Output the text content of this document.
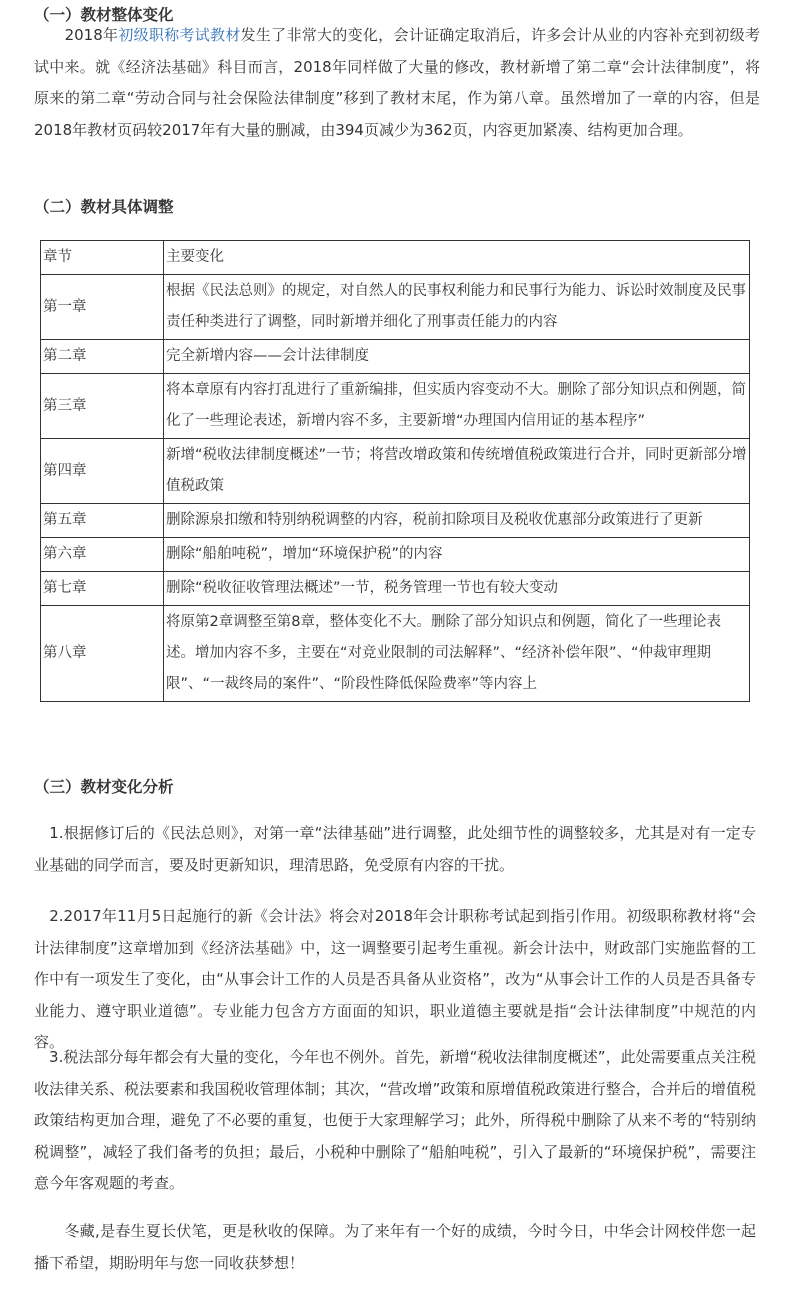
（一）教材整体变化

　　2018年初级职称考试教材发生了非常大的变化，会计证确定取消后，许多会计从业的内容补充到初级考试中来。就《经济法基础》科目而言，2018年同样做了大量的修改，教材新增了第二章“会计法律制度”，将原来的第二章“劳动合同与社会保险法律制度”移到了教材末尾，作为第八章。虽然增加了一章的内容，但是2018年教材页码较2017年有大量的删减，由394页减少为362页，内容更加紧凑、结构更加合理。

（二）教材具体调整
章节	主要变化
第一章	根据《民法总则》的规定，对自然人的民事权利能力和民事行为能力、诉讼时效制度及民事责任种类进行了调整，同时新增并细化了刑事责任能力的内容
第二章	完全新增内容——会计法律制度
第三章	将本章原有内容打乱进行了重新编排，但实质内容变动不大。删除了部分知识点和例题，简化了一些理论表述，新增内容不多，主要新增“办理国内信用证的基本程序”
第四章	新增“税收法律制度概述”一节；将营改增政策和传统增值税政策进行合并，同时更新部分增值税政策
第五章	删除源泉扣缴和特别纳税调整的内容，税前扣除项目及税收优惠部分政策进行了更新
第六章	删除“船舶吨税”，增加“环境保护税”的内容
第七章	删除“税收征收管理法概述”一节，税务管理一节也有较大变动
第八章	将原第2章调整至第8章，整体变化不大。删除了部分知识点和例题，简化了一些理论表述。增加内容不多，主要在“对竞业限制的司法解释”、“经济补偿年限”、“仲裁审理期限”、“一裁终局的案件”、“阶段性降低保险费率”等内容上
（三）教材变化分析

　1.根据修订后的《民法总则》，对第一章“法律基础”进行调整，此处细节性的调整较多，尤其是对有一定专业基础的同学而言，要及时更新知识，理清思路，免受原有内容的干扰。

　2.2017年11月5日起施行的新《会计法》将会对2018年会计职称考试起到指引作用。初级职称教材将“会计法律制度”这章增加到《经济法基础》中，这一调整要引起考生重视。新会计法中，财政部门实施监督的工作中有一项发生了变化，由“从事会计工作的人员是否具备从业资格”，改为“从事会计工作的人员是否具备专业能力、遵守职业道德”。专业能力包含方方面面的知识，职业道德主要就是指“会计法律制度”中规范的内容。

　3.税法部分每年都会有大量的变化，今年也不例外。首先，新增“税收法律制度概述”，此处需要重点关注税收法律关系、税法要素和我国税收管理体制；其次，“营改增”政策和原增值税政策进行整合，合并后的增值税政策结构更加合理，避免了不必要的重复，也便于大家理解学习；此外，所得税中删除了从来不考的“特别纳税调整”，减轻了我们备考的负担；最后，小税种中删除了“船舶吨税”，引入了最新的“环境保护税”，需要注意今年客观题的考查。

　　冬藏,是春生夏长伏笔，更是秋收的保障。为了来年有一个好的成绩，今时今日，中华会计网校伴您一起播下希望，期盼明年与您一同收获梦想！
